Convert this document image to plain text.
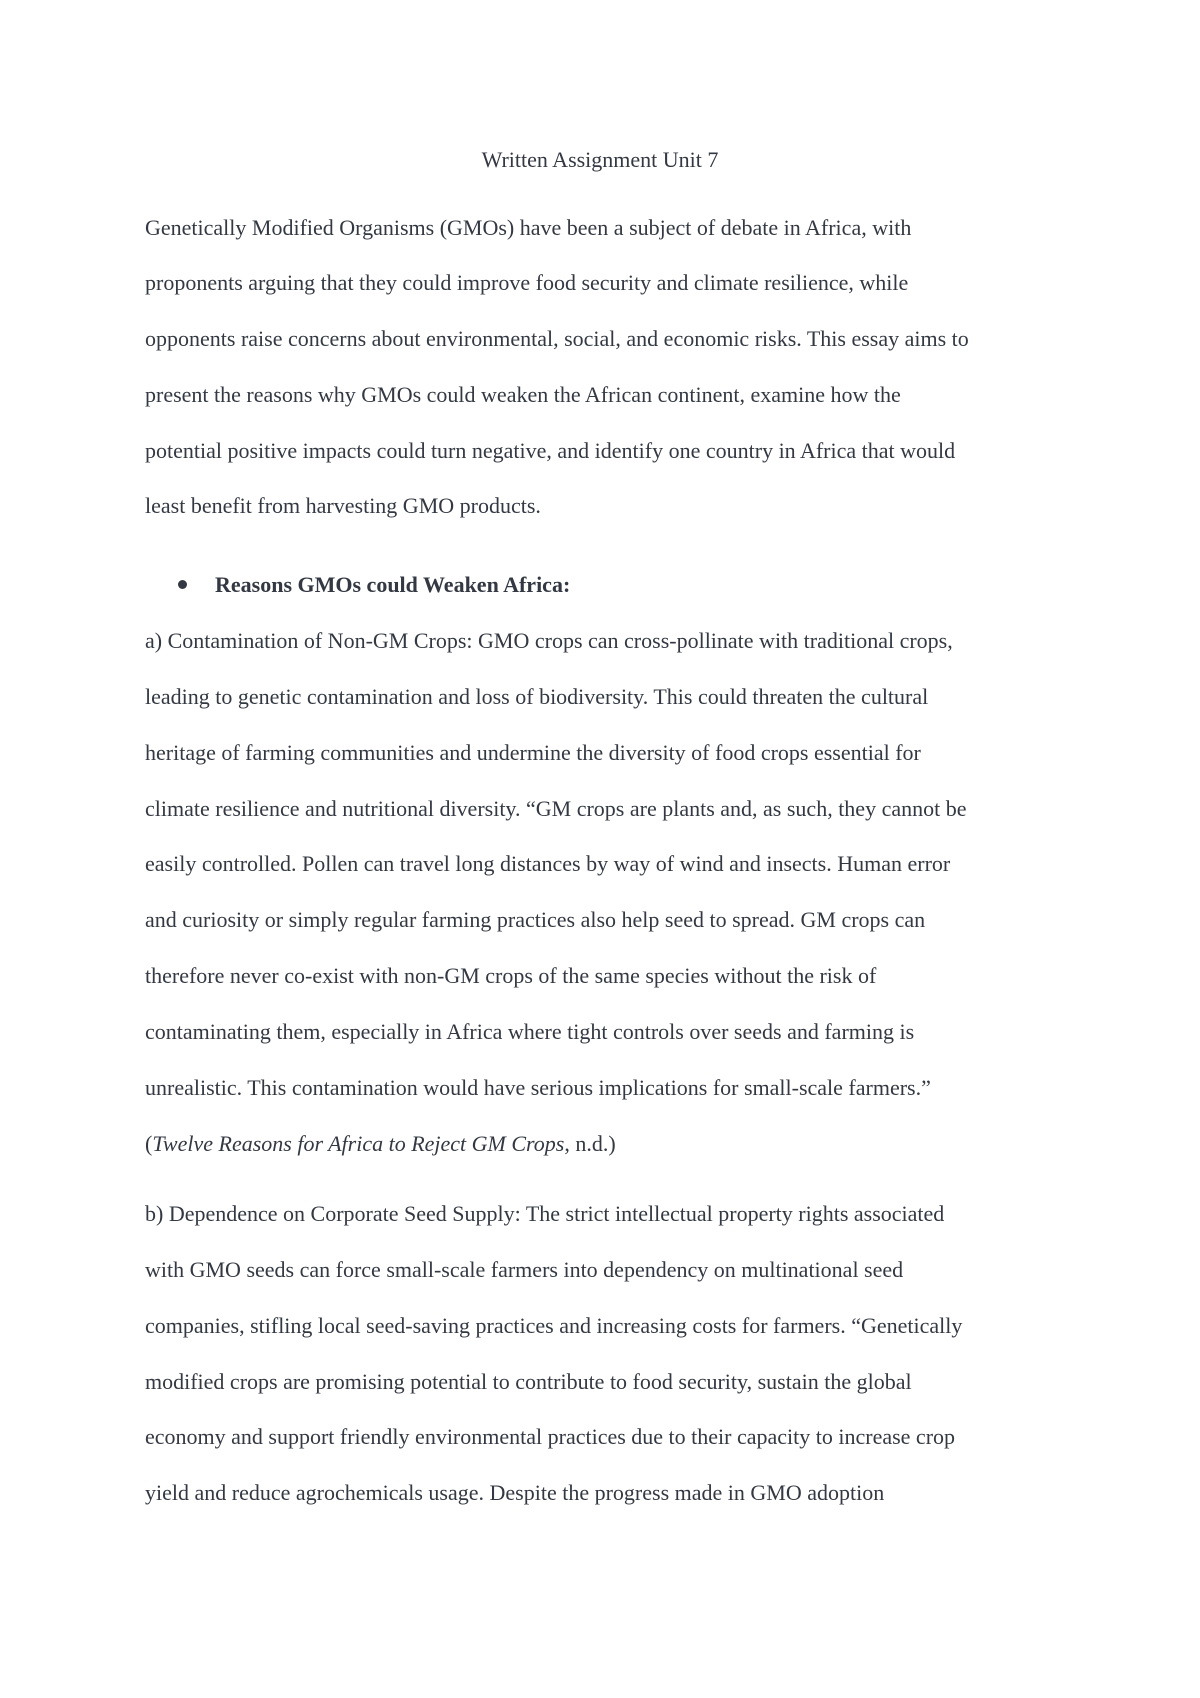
Written Assignment Unit 7
Genetically Modified Organisms (GMOs) have been a subject of debate in Africa, with
proponents arguing that they could improve food security and climate resilience, while
opponents raise concerns about environmental, social, and economic risks. This essay aims to
present the reasons why GMOs could weaken the African continent, examine how the
potential positive impacts could turn negative, and identify one country in Africa that would
least benefit from harvesting GMO products.
Reasons GMOs could Weaken Africa:
a) Contamination of Non-GM Crops: GMO crops can cross-pollinate with traditional crops,
leading to genetic contamination and loss of biodiversity. This could threaten the cultural
heritage of farming communities and undermine the diversity of food crops essential for
climate resilience and nutritional diversity. “GM crops are plants and, as such, they cannot be
easily controlled. Pollen can travel long distances by way of wind and insects. Human error
and curiosity or simply regular farming practices also help seed to spread. GM crops can
therefore never co-exist with non-GM crops of the same species without the risk of
contaminating them, especially in Africa where tight controls over seeds and farming is
unrealistic. This contamination would have serious implications for small-scale farmers.”
(Twelve Reasons for Africa to Reject GM Crops, n.d.)
b) Dependence on Corporate Seed Supply: The strict intellectual property rights associated
with GMO seeds can force small-scale farmers into dependency on multinational seed
companies, stifling local seed-saving practices and increasing costs for farmers. “Genetically
modified crops are promising potential to contribute to food security, sustain the global
economy and support friendly environmental practices due to their capacity to increase crop
yield and reduce agrochemicals usage. Despite the progress made in GMO adoption
